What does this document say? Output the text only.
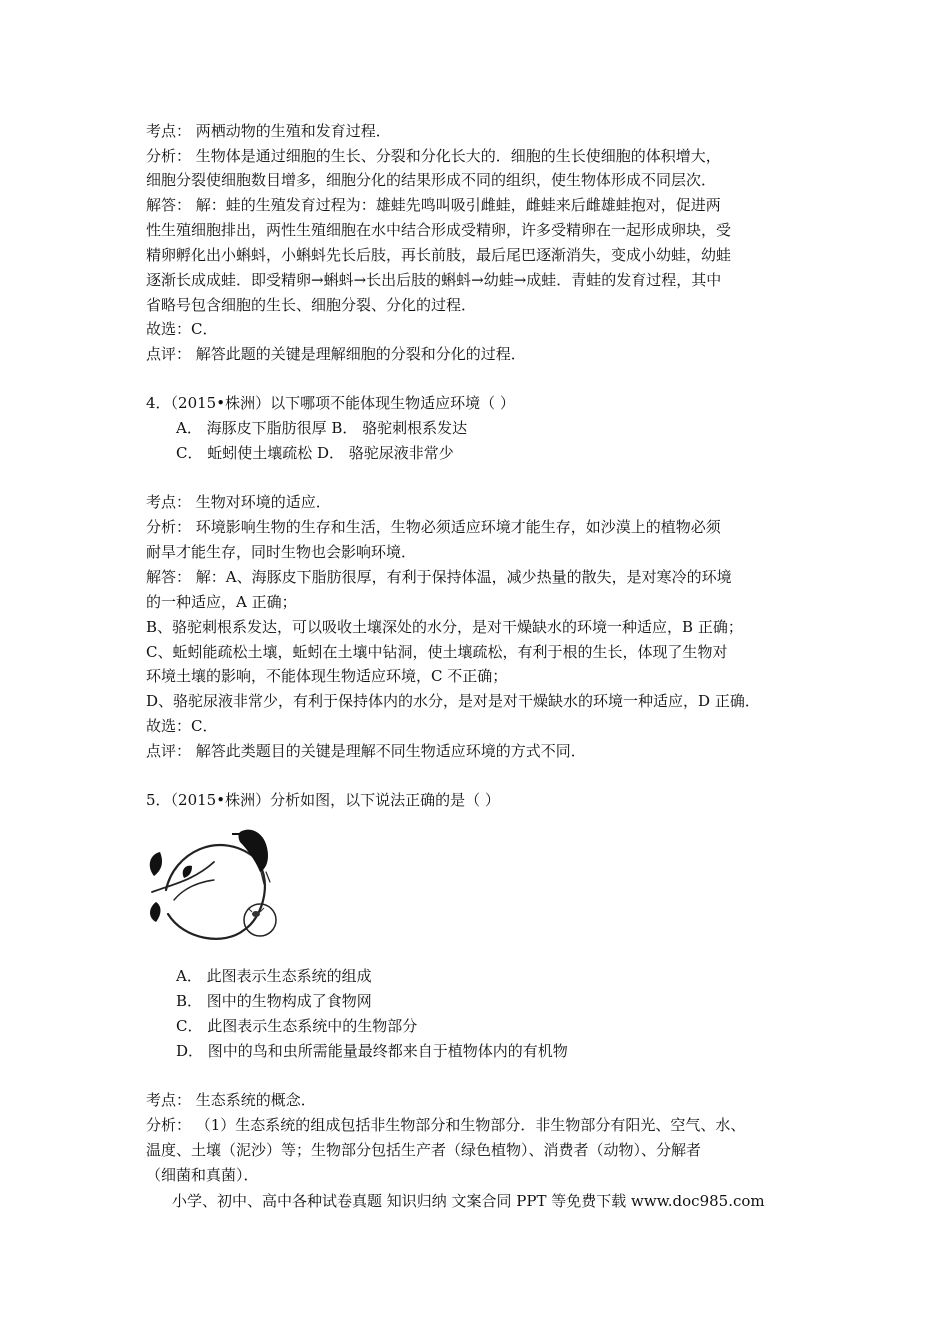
考点： 两栖动物的生殖和发育过程．
分析： 生物体是通过细胞的生长、分裂和分化长大的．细胞的生长使细胞的体积增大，
细胞分裂使细胞数目增多，细胞分化的结果形成不同的组织，使生物体形成不同层次．
解答： 解：蛙的生殖发育过程为：雄蛙先鸣叫吸引雌蛙，雌蛙来后雌雄蛙抱对，促进两
性生殖细胞排出，两性生殖细胞在水中结合形成受精卵，许多受精卵在一起形成卵块，受
精卵孵化出小蝌蚪，小蝌蚪先长后肢，再长前肢，最后尾巴逐渐消失，变成小幼蛙，幼蛙
逐渐长成成蛙．即受精卵→蝌蚪→长出后肢的蝌蚪→幼蛙→成蛙．青蛙的发育过程，其中
省略号包含细胞的生长、细胞分裂、分化的过程．
故选：C．
点评： 解答此题的关键是理解细胞的分裂和分化的过程．
4．（2015•株洲）以下哪项不能体现生物适应环境（ ）
A． 海豚皮下脂肪很厚 B． 骆驼刺根系发达
C． 蚯蚓使土壤疏松 D． 骆驼尿液非常少
考点： 生物对环境的适应．
分析： 环境影响生物的生存和生活，生物必须适应环境才能生存，如沙漠上的植物必须
耐旱才能生存，同时生物也会影响环境．
解答： 解：A、海豚皮下脂肪很厚，有利于保持体温，减少热量的散失，是对寒冷的环境
的一种适应，A 正确；
B、骆驼刺根系发达，可以吸收土壤深处的水分，是对干燥缺水的环境一种适应，B 正确；
C、蚯蚓能疏松土壤，蚯蚓在土壤中钻洞，使土壤疏松，有利于根的生长，体现了生物对
环境土壤的影响，不能体现生物适应环境，C 不正确；
D、骆驼尿液非常少，有利于保持体内的水分，是对是对干燥缺水的环境一种适应，D 正确．
故选：C．
点评： 解答此类题目的关键是理解不同生物适应环境的方式不同．
5．（2015•株洲）分析如图，以下说法正确的是（ ）
A． 此图表示生态系统的组成
B． 图中的生物构成了食物网
C． 此图表示生态系统中的生物部分
D． 图中的鸟和虫所需能量最终都来自于植物体内的有机物
考点： 生态系统的概念．
分析： （1）生态系统的组成包括非生物部分和生物部分．非生物部分有阳光、空气、水、
温度、土壤（泥沙）等；生物部分包括生产者（绿色植物）、消费者（动物）、分解者
（细菌和真菌）．
小学、初中、高中各种试卷真题 知识归纳 文案合同 PPT 等免费下载 www.doc985.com
